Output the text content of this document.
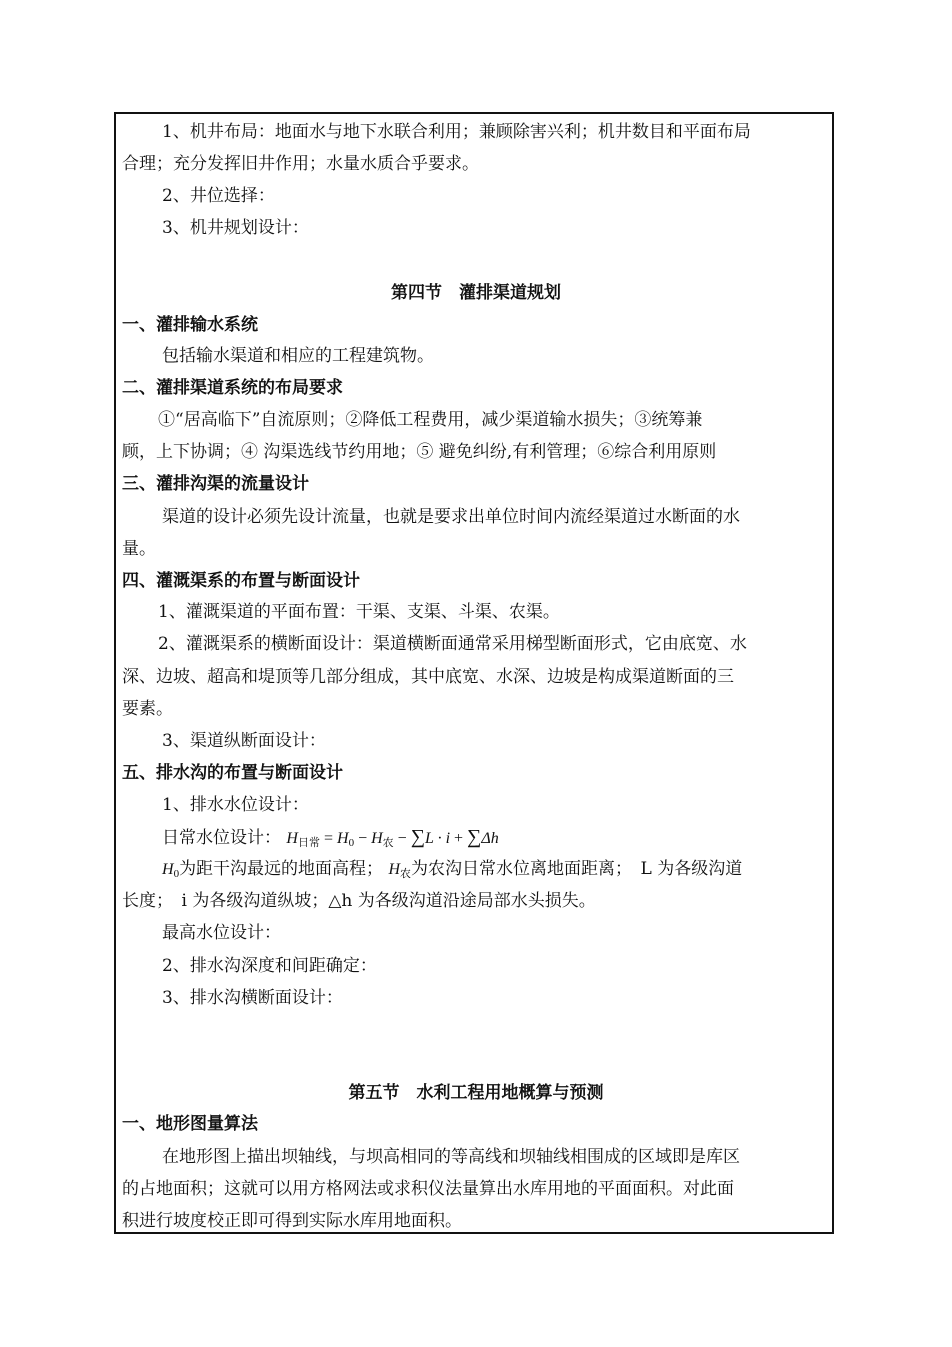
1、机井布局：地面水与地下水联合利用；兼顾除害兴利；机井数目和平面布局
合理；充分发挥旧井作用；水量水质合乎要求。
2、井位选择：
3、机井规划设计：
第四节　灌排渠道规划
一、灌排输水系统
包括输水渠道和相应的工程建筑物。
二、灌排渠道系统的布局要求
①“居高临下”自流原则；②降低工程费用，减少渠道输水损失；③统筹兼
顾，上下协调；④ 沟渠选线节约用地；⑤ 避免纠纷,有利管理；⑥综合利用原则
三、灌排沟渠的流量设计
渠道的设计必须先设计流量，也就是要求出单位时间内流经渠道过水断面的水
量。
四、灌溉渠系的布置与断面设计
1、灌溉渠道的平面布置：干渠、支渠、斗渠、农渠。
2、灌溉渠系的横断面设计：渠道横断面通常采用梯型断面形式，它由底宽、水
深、边坡、超高和堤顶等几部分组成，其中底宽、水深、边坡是构成渠道断面的三
要素。
3、渠道纵断面设计：
五、排水沟的布置与断面设计
1、排水水位设计：
日常水位设计： $H_{日常} = H_0 - H_农 - \sum L \cdot i + \sum\Delta h$
$H_0$为距干沟最远的地面高程； $H_农$为农沟日常水位离地面距离；　L 为各级沟道
长度；　i 为各级沟道纵坡；△h 为各级沟道沿途局部水头损失。
最高水位设计：
2、排水沟深度和间距确定：
3、排水沟横断面设计：
第五节　水利工程用地概算与预测
一、地形图量算法
在地形图上描出坝轴线，与坝高相同的等高线和坝轴线相围成的区域即是库区
的占地面积；这就可以用方格网法或求积仪法量算出水库用地的平面面积。对此面
积进行坡度校正即可得到实际水库用地面积。
